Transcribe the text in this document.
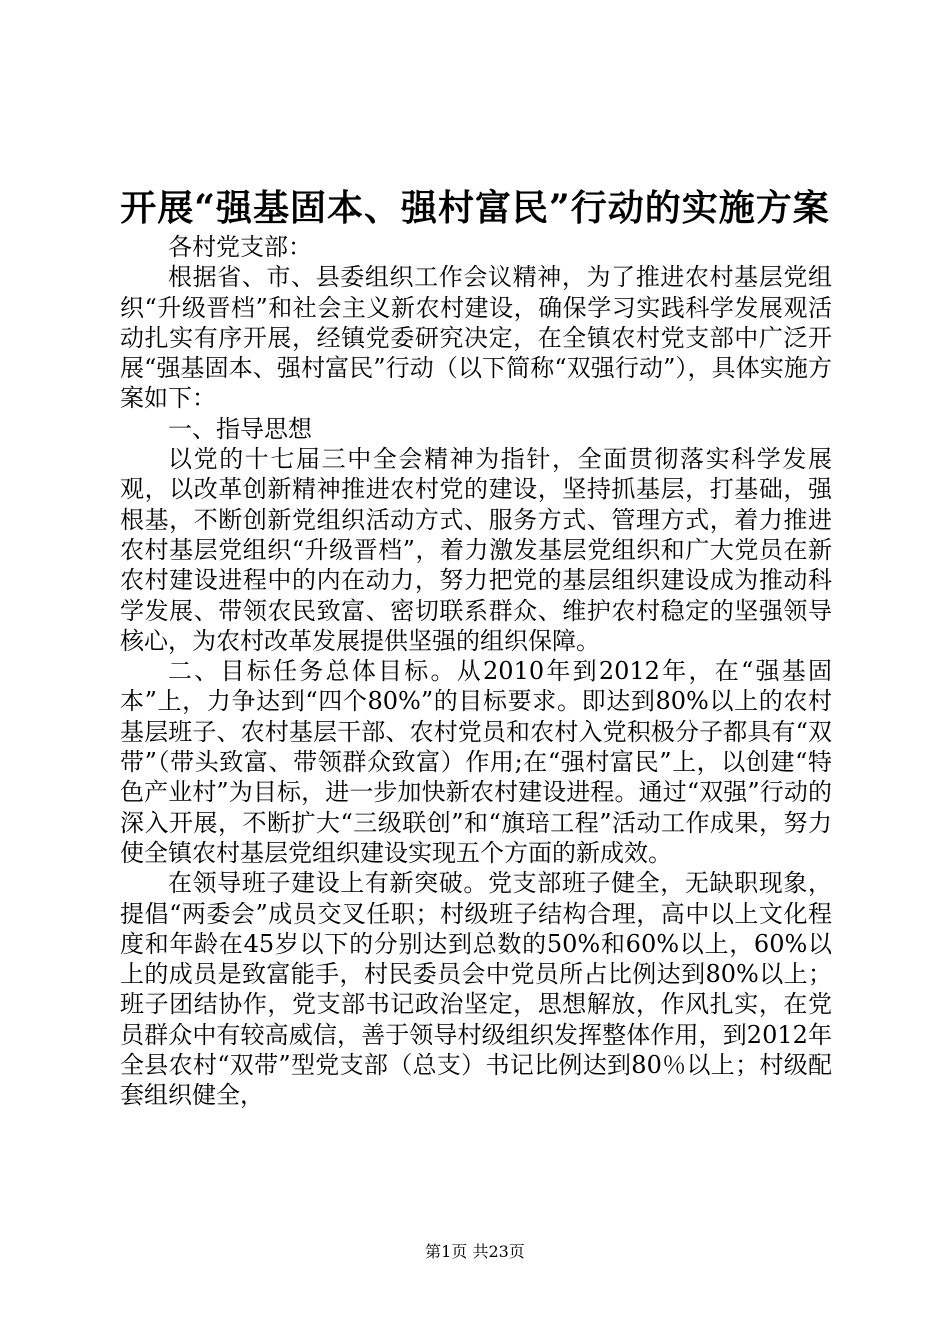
开展“强基固本、强村富民”行动的实施方案

各村党支部：

根据省、市、县委组织工作会议精神，为了推进农村基层党组织“升级晋档”和社会主义新农村建设，确保学习实践科学发展观活动扎实有序开展，经镇党委研究决定，在全镇农村党支部中广泛开展“强基固本、强村富民”行动（以下简称“双强行动”），具体实施方案如下：

一、指导思想

以党的十七届三中全会精神为指针，全面贯彻落实科学发展观，以改革创新精神推进农村党的建设，坚持抓基层，打基础，强根基，不断创新党组织活动方式、服务方式、管理方式，着力推进农村基层党组织“升级晋档”，着力激发基层党组织和广大党员在新农村建设进程中的内在动力，努力把党的基层组织建设成为推动科学发展、带领农民致富、密切联系群众、维护农村稳定的坚强领导核心，为农村改革发展提供坚强的组织保障。

二、目标任务总体目标。从2010年到2012年，在“强基固本”上，力争达到“四个80%”的目标要求。即达到80%以上的农村基层班子、农村基层干部、农村党员和农村入党积极分子都具有“双带”（带头致富、带领群众致富）作用;在“强村富民”上，以创建“特色产业村”为目标，进一步加快新农村建设进程。通过“双强”行动的深入开展，不断扩大“三级联创”和“旗琣工程”活动工作成果，努力使全镇农村基层党组织建设实现五个方面的新成效。

在领导班子建设上有新突破。党支部班子健全，无缺职现象，提倡“两委会”成员交叉任职；村级班子结构合理，高中以上文化程度和年龄在45岁以下的分别达到总数的50%和60%以上，60%以上的成员是致富能手，村民委员会中党员所占比例达到80%以上；班子团结协作，党支部书记政治坚定，思想解放，作风扎实，在党员群众中有较高威信，善于领导村级组织发挥整体作用，到2012年全县农村“双带”型党支部（总支）书记比例达到80％以上；村级配套组织健全，

第1页 共23页
